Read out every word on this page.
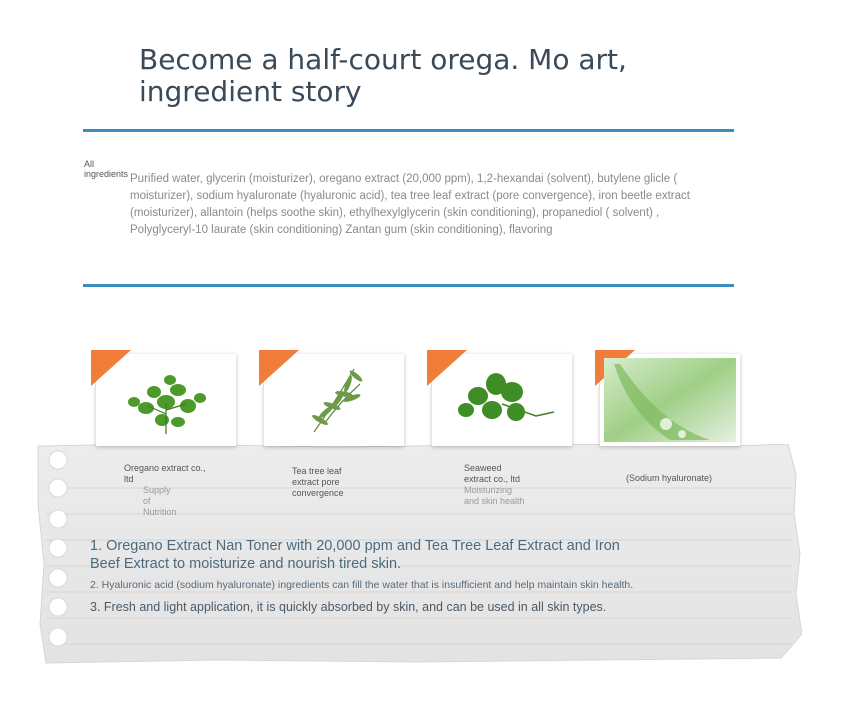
Become a half-court orega. Mo art,
ingredient story
All
ingredients Purified water, glycerin (moisturizer), oregano extract (20,000 ppm), 1,2-hexandai (solvent), butylene glicle ( moisturizer), sodium hyaluronate (hyaluronic acid), tea tree leaf extract (pore convergence), iron beetle extract (moisturizer), allantoin (helps soothe skin), ethylhexylglycerin (skin conditioning), propanediol ( solvent) , Polyglyceryl-10 laurate (skin conditioning) Zantan gum (skin conditioning), flavoring
Oregano extract co., ltd
Supply
of
Nutrition
Tea tree leaf
extract pore
convergence
Seaweed
extract co., ltd
Moisturizing
and skin health
(Sodium hyaluronate)
1. Oregano Extract Nan Toner with 20,000 ppm and Tea Tree Leaf Extract and Iron Beef Extract to moisturize and nourish tired skin.
2. Hyaluronic acid (sodium hyaluronate) ingredients can fill the water that is insufficient and help maintain skin health.
3. Fresh and light application, it is quickly absorbed by skin, and can be used in all skin types.
